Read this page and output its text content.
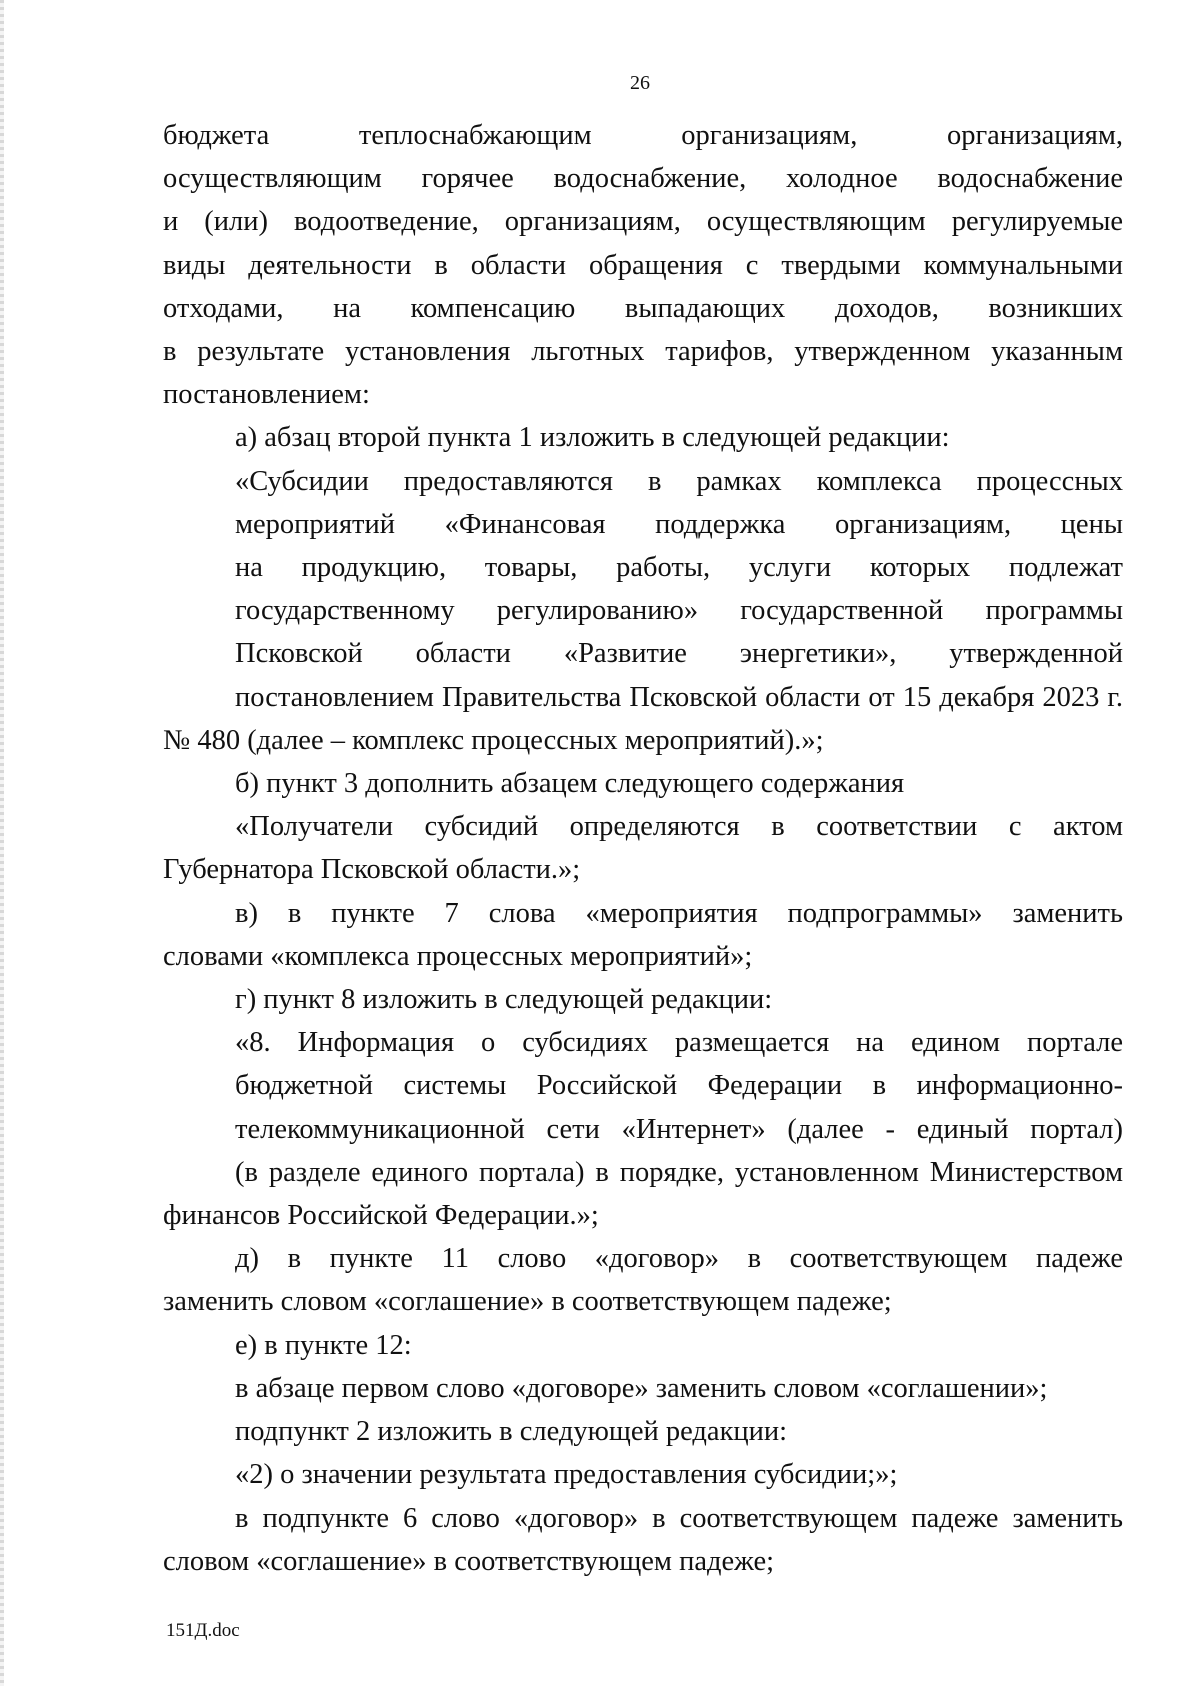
26

бюджета теплоснабжающим организациям, организациям,
осуществляющим горячее водоснабжение, холодное водоснабжение
и (или) водоотведение, организациям, осуществляющим регулируемые
виды деятельности в области обращения с твердыми коммунальными
отходами, на компенсацию выпадающих доходов, возникших
в результате установления льготных тарифов, утвержденном указанным

постановлением:

а) абзац второй пункта 1 изложить в следующей редакции:

«Субсидии предоставляются в рамках комплекса процессных
мероприятий «Финансовая поддержка организациям, цены
на продукцию, товары, работы, услуги которых подлежат
государственному регулированию» государственной программы
Псковской области «Развитие энергетики», утвержденной
постановлением Правительства Псковской области от 15 декабря 2023 г.

№ 480 (далее – комплекс процессных мероприятий).»;

б) пункт 3 дополнить абзацем следующего содержания

«Получатели субсидий определяются в соответствии с актом

Губернатора Псковской области.»;

в) в пункте 7 слова «мероприятия подпрограммы» заменить

словами «комплекса процессных мероприятий»;

г) пункт 8 изложить в следующей редакции:

«8. Информация о субсидиях размещается на едином портале
бюджетной системы Российской Федерации в информационно-
телекоммуникационной сети «Интернет» (далее - единый портал)
(в разделе единого портала) в порядке, установленном Министерством

финансов Российской Федерации.»;

д) в пункте 11 слово «договор» в соответствующем падеже

заменить словом «соглашение» в соответствующем падеже;

е) в пункте 12:

в абзаце первом слово «договоре» заменить словом «соглашении»;

подпункт 2 изложить в следующей редакции:

«2) о значении результата предоставления субсидии;»;

в подпункте 6 слово «договор» в соответствующем падеже заменить

словом «соглашение» в соответствующем падеже;

151Д.doc
